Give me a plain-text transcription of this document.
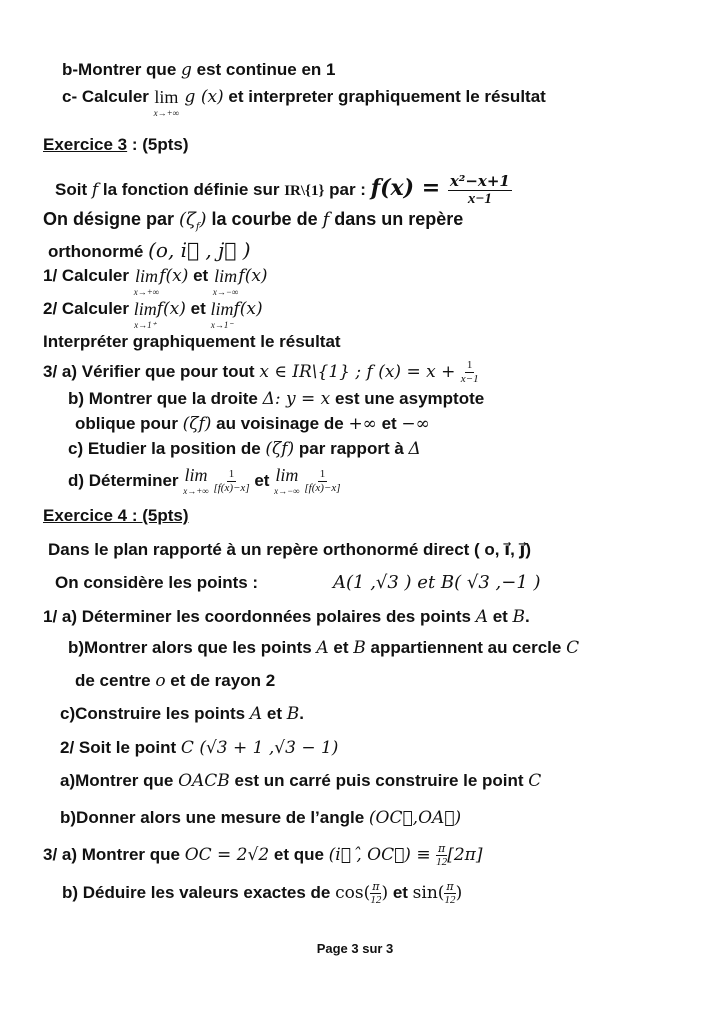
b-Montrer que g est continue en 1
c- Calculer lim
x→+∞
g (x) et interpreter graphiquement le résultat
Exercice 3 : (5pts)
Soit f la fonction définie sur IR\{1} par : $f(x) = \frac{\text{x²−x+1}}{x-1}$
On désigne par $(\zeta_f)$ la courbe de f dans un repère
orthonormé (o, i⃗ , j⃗ )
1/ Calculer lim
x→+∞
f(x) et lim
x→−∞
f(x)
2/ Calculer lim
x→1⁺
f(x) et lim
x→1⁻
f(x)
Interpréter graphiquement le résultat
3/ a) Vérifier que pour tout x ∈ IR\{1} ; f $(x) = x + \frac{1}{x-1}$
b) Montrer que la droite Δ: y = x est une asymptote
oblique pour (ζf) au voisinage de +∞ et −∞
c) Etudier la position de (ζf) par rapport à Δ
d) Déterminer lim
x→+∞
$\frac{1}{[f(x)-x]}$ et lim
x→−∞
$\frac{1}{[f(x)-x]}$
Exercice 4 : (5pts)
Dans le plan rapporté à un repère orthonormé direct ( o, i⃗, j⃗)
On considère les points :	A(1 ,√3 ) et B( √3 ,−1 )
1/ a) Déterminer les coordonnées polaires des points A et B.
b)Montrer alors que les points A et B appartiennent au cercle C
de centre o et de rayon 2
c)Construire les points A et B.
2/ Soit le point C (√3 + 1 ,√3 − 1)
a)Montrer que OACB est un carré puis construire le point C
b)Donner alors une mesure de l’angle (OC⃗,OA⃗)
3/ a) Montrer que OC = 2√2 et que (i⃗ ,̂ OC⃗) ≡ $\frac{\pi}{12} [2\pi]$
b) Déduire les valeurs exactes de $\cos( \frac{\pi}{12}$ ) et $\sin( \frac{\pi}{12}$ )
Page 3 sur 3
